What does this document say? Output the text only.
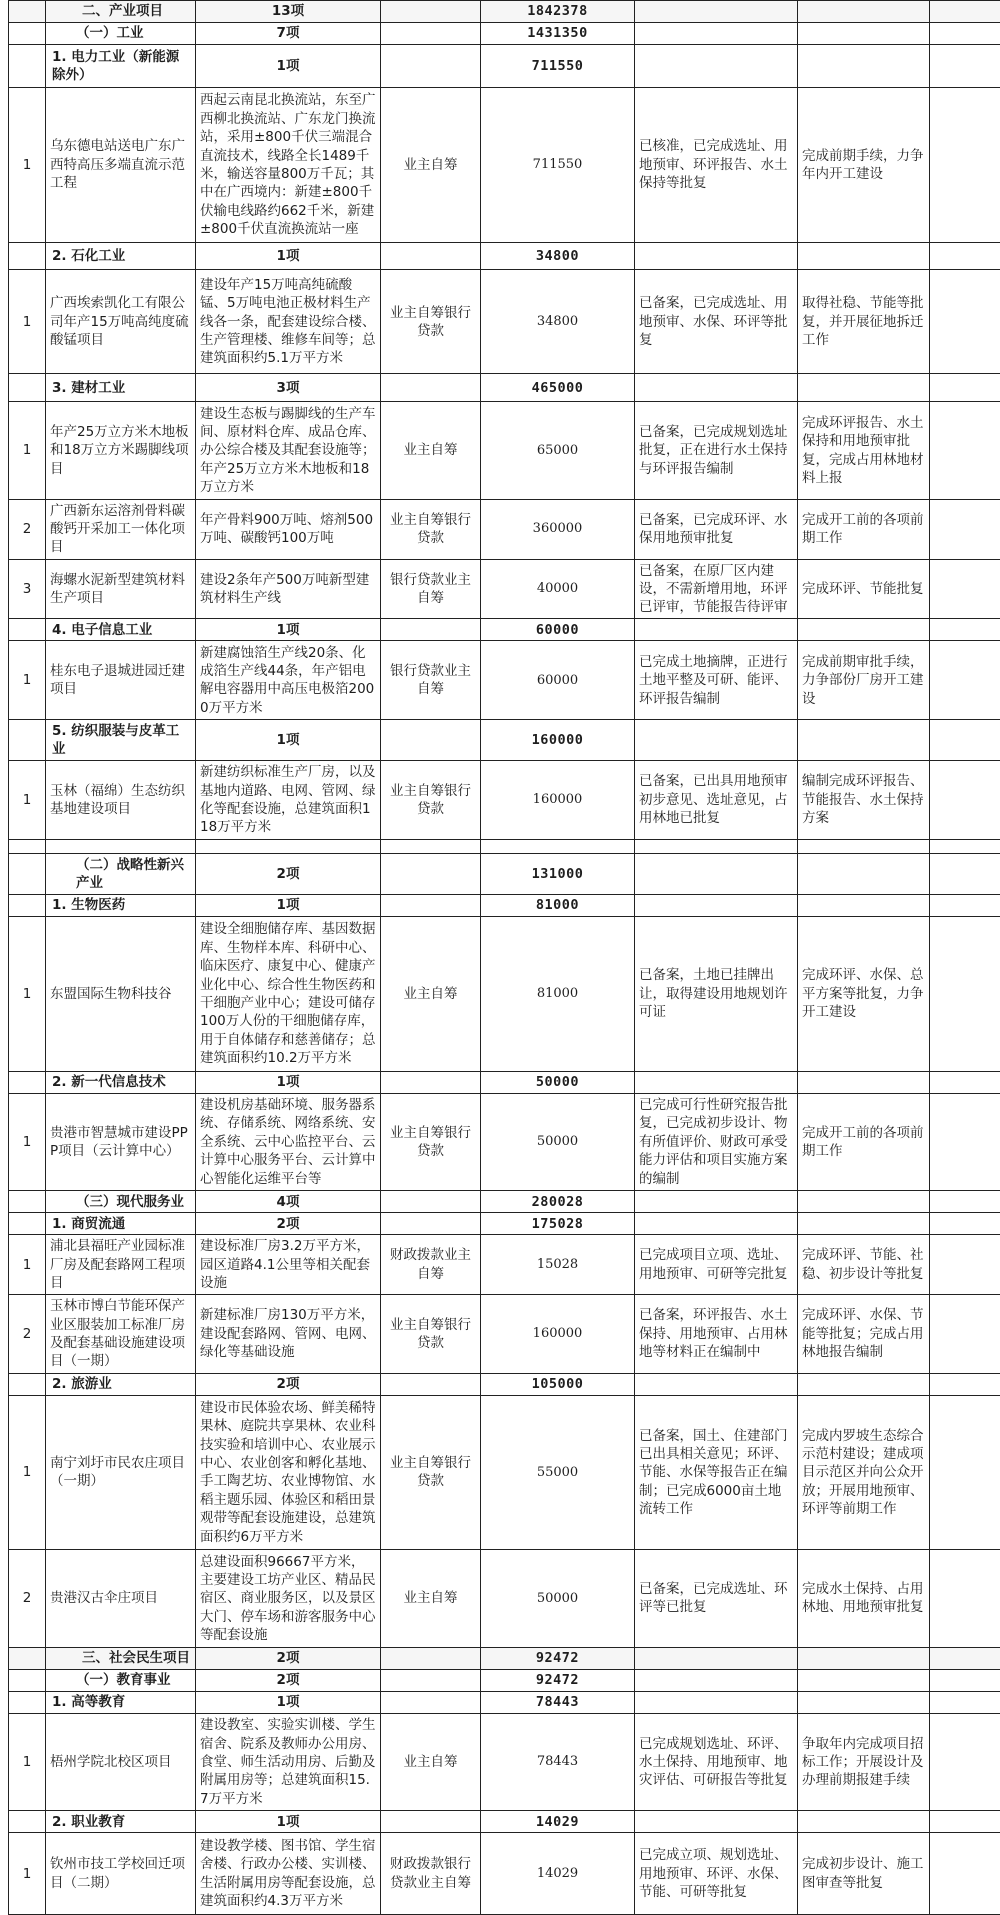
	二、产业项目	13项		1842378			
	（一）工业	7项		1431350			
	1. 电力工业（新能源除外）	1项		711550			
1	乌东德电站送电广东广西特高压多端直流示范工程	西起云南昆北换流站，东至广西柳北换流站、广东龙门换流站，采用±800千伏三端混合直流技术，线路全长1489千米，输送容量800万千瓦；其中在广西境内：新建±800千伏输电线路约662千米，新建±800千伏直流换流站一座	业主自筹	711550	已核准，已完成选址、用地预审、环评报告、水土保持等批复	完成前期手续，力争年内开工建设	
	2. 石化工业	1项		34800			
1	广西埃索凯化工有限公司年产15万吨高纯度硫酸锰项目	建设年产15万吨高纯硫酸锰、5万吨电池正极材料生产线各一条，配套建设综合楼、生产管理楼、维修车间等；总建筑面积约5.1万平方米	业主自筹银行贷款	34800	已备案，已完成选址、用地预审、水保、环评等批复	取得社稳、节能等批复，并开展征地拆迁工作	
	3. 建材工业	3项		465000			
1	年产25万立方米木地板和18万立方米踢脚线项目	建设生态板与踢脚线的生产车间、原材料仓库、成品仓库、办公综合楼及其配套设施等；年产25万立方米木地板和18万立方米	业主自筹	65000	已备案，已完成规划选址批复，正在进行水土保持与环评报告编制	完成环评报告、水土保持和用地预审批复，完成占用林地材料上报	
2	广西新东运溶剂骨料碳酸钙开采加工一体化项目	年产骨料900万吨、熔剂500万吨、碳酸钙100万吨	业主自筹银行贷款	360000	已备案，已完成环评、水保用地预审批复	完成开工前的各项前期工作	
3	海螺水泥新型建筑材料生产项目	建设2条年产500万吨新型建筑材料生产线	银行贷款业主自筹	40000	已备案，在原厂区内建设，不需新增用地，环评已评审，节能报告待评审	完成环评、节能批复	
	4. 电子信息工业	1项		60000			
1	桂东电子退城进园迁建项目	新建腐蚀箔生产线20条、化成箔生产线44条，年产铝电解电容器用中高压电极箔2000万平方米	银行贷款业主自筹	60000	已完成土地摘牌，正进行土地平整及可研、能评、环评报告编制	完成前期审批手续，力争部份厂房开工建设	
	5. 纺织服装与皮革工业	1项		160000			
1	玉林（福绵）生态纺织基地建设项目	新建纺织标准生产厂房，以及基地内道路、电网、管网、绿化等配套设施，总建筑面积118万平方米	业主自筹银行贷款	160000	已备案，已出具用地预审初步意见、选址意见，占用林地已批复	编制完成环评报告、节能报告、水土保持方案	

	（二）战略性新兴产业	2项		131000			
	1. 生物医药	1项		81000			
1	东盟国际生物科技谷	建设全细胞储存库、基因数据库、生物样本库、科研中心、临床医疗、康复中心、健康产业化中心、综合性生物医药和干细胞产业中心；建设可储存100万人份的干细胞储存库，用于自体储存和慈善储存；总建筑面积约10.2万平方米	业主自筹	81000	已备案，土地已挂牌出让，取得建设用地规划许可证	完成环评、水保、总平方案等批复，力争开工建设	
	2. 新一代信息技术	1项		50000			
1	贵港市智慧城市建设PPP项目（云计算中心）	建设机房基础环境、服务器系统、存储系统、网络系统、安全系统、云中心监控平台、云计算中心服务平台、云计算中心智能化运维平台等	业主自筹银行贷款	50000	已完成可行性研究报告批复，已完成初步设计、物有所值评价、财政可承受能力评估和项目实施方案的编制	完成开工前的各项前期工作	
	（三）现代服务业	4项		280028			
	1. 商贸流通	2项		175028			
1	浦北县福旺产业园标准厂房及配套路网工程项目	建设标准厂房3.2万平方米，园区道路4.1公里等相关配套设施	财政拨款业主自筹	15028	已完成项目立项、选址、用地预审、可研等完批复	完成环评、节能、社稳、初步设计等批复	
2	玉林市博白节能环保产业区服装加工标准厂房及配套基础设施建设项目（一期）	新建标准厂房130万平方米，建设配套路网、管网、电网、绿化等基础设施	业主自筹银行贷款	160000	已备案，环评报告、水土保持、用地预审、占用林地等材料正在编制中	完成环评、水保、节能等批复；完成占用林地报告编制	
	2. 旅游业	2项		105000			
1	南宁刘圩市民农庄项目（一期）	建设市民体验农场、鲜美稀特果林、庭院共享果林、农业科技实验和培训中心、农业展示中心、农业创客和孵化基地、手工陶艺坊、农业博物馆、水稻主题乐园、体验区和稻田景观带等配套设施建设，总建筑面积约6万平方米	业主自筹银行贷款	55000	已备案，国土、住建部门已出具相关意见；环评、节能、水保等报告正在编制；已完成6000亩土地流转工作	完成内罗坡生态综合示范村建设；建成项目示范区并向公众开放；开展用地预审、环评等前期工作	
2	贵港汉古伞庄项目	总建设面积96667平方米，主要建设工坊产业区、精品民宿区、商业服务区，以及景区大门、停车场和游客服务中心等配套设施	业主自筹	50000	已备案，已完成选址、环评等已批复	完成水土保持、占用林地、用地预审批复	
	三、社会民生项目	2项		92472			
	（一）教育事业	2项		92472			
	1. 高等教育	1项		78443			
1	梧州学院北校区项目	建设教室、实验实训楼、学生宿舍、院系及教师办公用房、食堂、师生活动用房、后勤及附属用房等；总建筑面积15.7万平方米	业主自筹	78443	已完成规划选址、环评、水土保持、用地预审、地灾评估、可研报告等批复	争取年内完成项目招标工作；开展设计及办理前期报建手续	
	2. 职业教育	1项		14029			
1	钦州市技工学校回迁项目（二期）	建设教学楼、图书馆、学生宿舍楼、行政办公楼、实训楼、生活附属用房等配套设施，总建筑面积约4.3万平方米	财政拨款银行贷款业主自筹	14029	已完成立项、规划选址、用地预审、环评、水保、节能、可研等批复	完成初步设计、施工图审查等批复	
